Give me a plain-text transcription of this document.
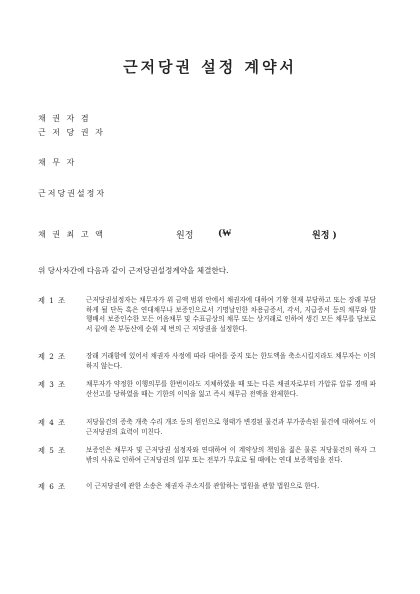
근저당권 설정 계약서
채 권 자 겸
근 저 당 권 자
채 무 자
근저당권설정자
채 권 최 고 액	원정	(₩	원정 )
위 당사자간에 다음과 같이 근저당권설정계약을 체결한다.
제 1 조	근저당권설정자는 채무자가 위 금액 범위 안에서 채권자에 대하여 기왕 현재 부담하고 또는 장래 부담하게 될 단독 혹은 연대채무나 보증인으로서 기명날인한 차용금증서, 각서, 지급증서 등의 채무와 발행배서 보증인수한 모든 어음채무 및 수표금상의 채무 또는 상거래로 인하여 생긴 모든 채무를 담보로서 끝에 쓴 부동산에 순위 제 번의 근 저당권을 설정한다.
제 2 조	장래 거래함에 있어서 채권자 사정에 따라 대여를 중지 또는 한도액을 축소시킬지라도 채무자는 이의하지 않는다.
제 3 조	채무자가 약정한 이행의무를 한번이라도 지체하였을 때 또는 다른 채권자로부터 가압류 압류 경매 파산선고를 당하였을 때는 기한의 이익을 잃고 즉시 채무금 전액을 완제한다.
제 4 조	저당물건의 증축 개축 수리 개조 등의 원인으로 형태가 변경된 물건과 부가종속된 물건에 대하여도 이 근저당권의 효력이 미친다.
제 5 조	보증인은 채무자 및 근저당권 설정자와 연대하여 이 계약상의 책임을 짊은 물론 저당물건의 하자 그 밖의 사유로 인하여 근저당권의 일부 또는 전부가 무효로 될 때에는 연대 보증책임을 진다.
제 6 조	이 근저당권에 관한 소송은 채권자 주소지를 관할하는 법원을 관할 법원으로 한다.
